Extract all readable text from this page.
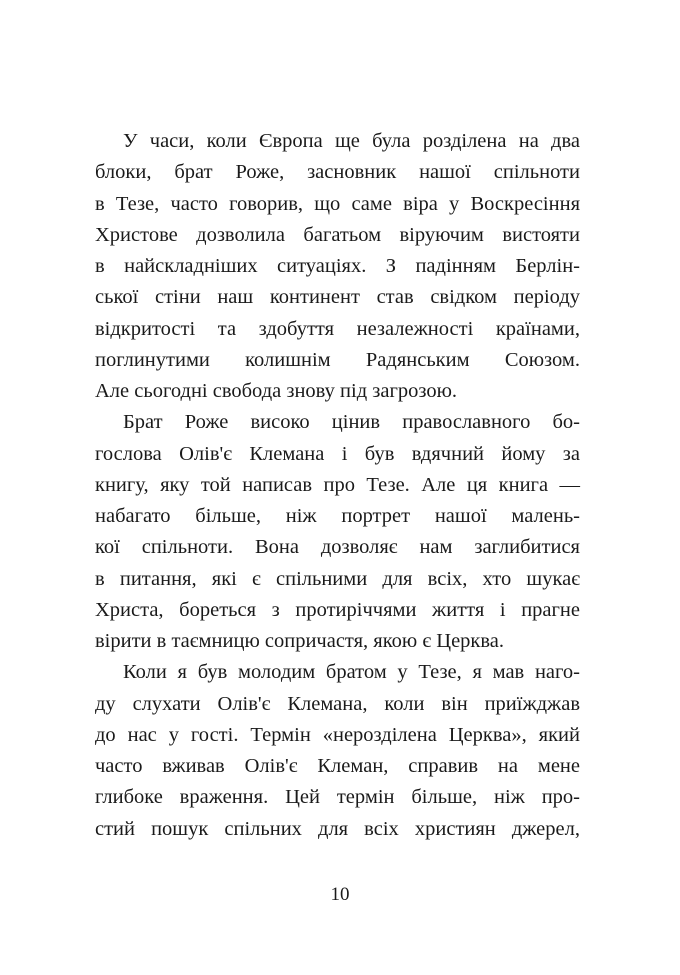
У часи, коли Європа ще була розділена на два
блоки, брат Роже, засновник нашої спільноти
в Тезе, часто говорив, що саме віра у Воскресіння
Христове дозволила багатьом віруючим вистояти
в найскладніших ситуаціях. З падінням Берлін-
ської стіни наш континент став свідком періоду
відкритості та здобуття незалежності країнами,
поглинутими колишнім Радянським Союзом.
Але сьогодні свобода знову під загрозою.
Брат Роже високо цінив православного бо-
гослова Олів'є Клемана і був вдячний йому за
книгу, яку той написав про Тезе. Але ця книга —
набагато більше, ніж портрет нашої малень-
кої спільноти. Вона дозволяє нам заглибитися
в питання, які є спільними для всіх, хто шукає
Христа, бореться з протиріччями життя і прагне
вірити в таємницю сопричастя, якою є Церква.
Коли я був молодим братом у Тезе, я мав наго-
ду слухати Олів'є Клемана, коли він приїжджав
до нас у гості. Термін «нерозділена Церква», який
часто вживав Олів'є Клеман, справив на мене
глибоке враження. Цей термін більше, ніж про-
стий пошук спільних для всіх християн джерел,
10
